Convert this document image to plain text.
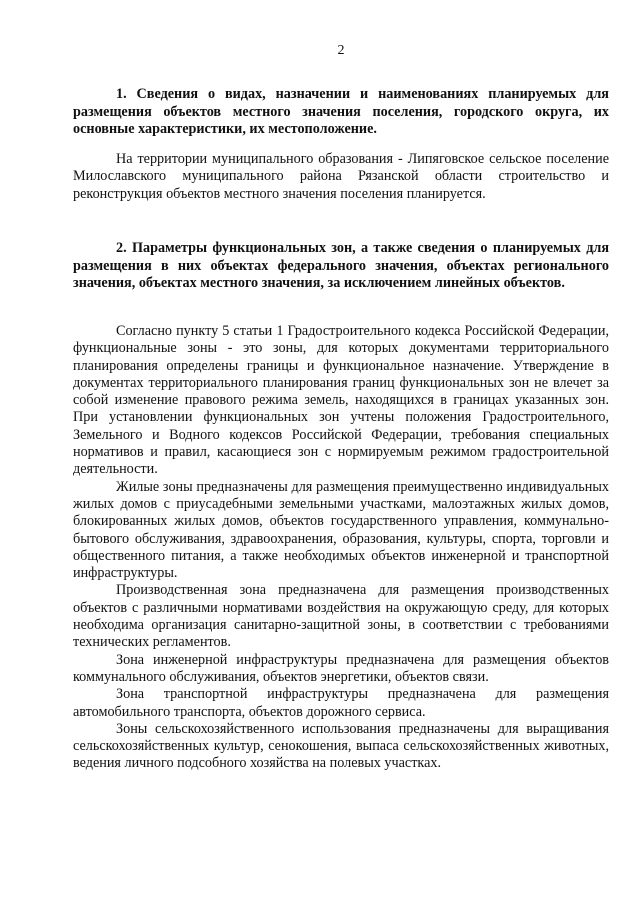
2

1. Сведения о видах, назначении и наименованиях планируемых для размещения объектов местного значения поселения, городского округа, их основные характеристики, их местоположение.

На территории муниципального образования - Липяговское сельское поселение Милославского муниципального района Рязанской области строительство и реконструкция объектов местного значения поселения планируется.

2. Параметры функциональных зон, а также сведения о планируемых для размещения в них объектах федерального значения, объектах регионального значения, объектах местного значения, за исключением линейных объектов.

Согласно пункту 5 статьи 1 Градостроительного кодекса Российской Федерации, функциональные зоны - это зоны, для которых документами территориального планирования определены границы и функциональное назначение. Утверждение в документах территориального планирования границ функциональных зон не влечет за собой изменение правового режима земель, находящихся в границах указанных зон. При установлении функциональных зон учтены положения Градостроительного, Земельного и Водного кодексов Российской Федерации, требования специальных нормативов и правил, касающиеся зон с нормируемым режимом градостроительной деятельности.

Жилые зоны предназначены для размещения преимущественно индивидуальных жилых домов с приусадебными земельными участками, малоэтажных жилых домов, блокированных жилых домов, объектов государственного управления, коммунально-бытового обслуживания, здравоохранения, образования, культуры, спорта, торговли и общественного питания, а также необходимых объектов инженерной и транспортной инфраструктуры.

Производственная зона предназначена для размещения производственных объектов с различными нормативами воздействия на окружающую среду, для которых необходима организация санитарно-защитной зоны, в соответствии с требованиями технических регламентов.

Зона инженерной инфраструктуры предназначена для размещения объектов коммунального обслуживания, объектов энергетики, объектов связи.

Зона транспортной инфраструктуры предназначена для размещения автомобильного транспорта, объектов дорожного сервиса.

Зоны сельскохозяйственного использования предназначены для выращивания сельскохозяйственных культур, сенокошения, выпаса сельскохозяйственных животных, ведения личного подсобного хозяйства на полевых участках.
